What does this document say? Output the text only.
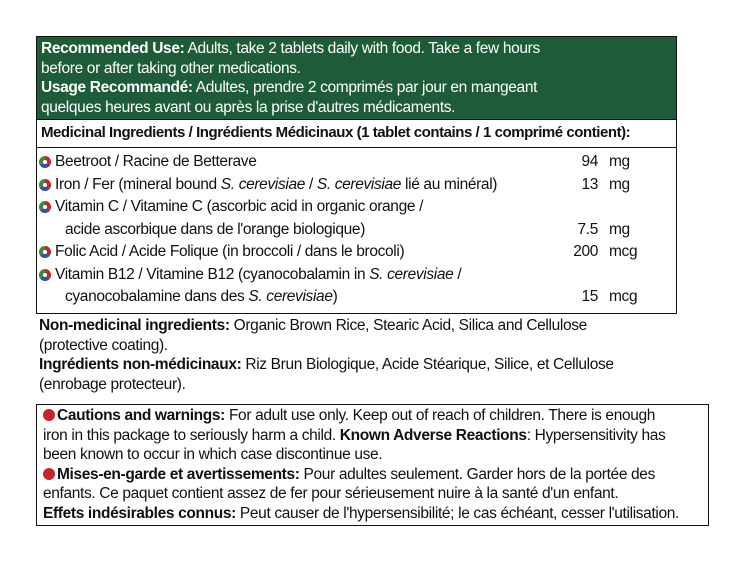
Recommended Use: Adults, take 2 tablets daily with food. Take a few hours
before or after taking other medications.
Usage Recommandé: Adultes, prendre 2 comprimés par jour en mangeant
quelques heures avant ou après la prise d'autres médicaments.
Medicinal Ingredients / Ingrédients Médicinaux (1 tablet contains / 1 comprimé contient):
Beetroot / Racine de Betterave	94 mg
Iron / Fer (mineral bound S. cerevisiae / S. cerevisiae lié au minéral)	13 mg
Vitamin C / Vitamine C (ascorbic acid in organic orange /
acide ascorbique dans de l'orange biologique)	7.5 mg
Folic Acid / Acide Folique (in broccoli / dans le brocoli)	200 mcg
Vitamin B12 / Vitamine B12 (cyanocobalamin in S. cerevisiae /
cyanocobalamine dans des S. cerevisiae)	15 mcg
Non-medicinal ingredients: Organic Brown Rice, Stearic Acid, Silica and Cellulose
(protective coating).
Ingrédients non-médicinaux: Riz Brun Biologique, Acide Stéarique, Silice, et Cellulose
(enrobage protecteur).
Cautions and warnings: For adult use only. Keep out of reach of children. There is enough
iron in this package to seriously harm a child. Known Adverse Reactions: Hypersensitivity has
been known to occur in which case discontinue use.
Mises-en-garde et avertissements: Pour adultes seulement. Garder hors de la portée des
enfants. Ce paquet contient assez de fer pour sérieusement nuire à la santé d'un enfant.
Effets indésirables connus: Peut causer de l'hypersensibilité; le cas échéant, cesser l'utilisation.
